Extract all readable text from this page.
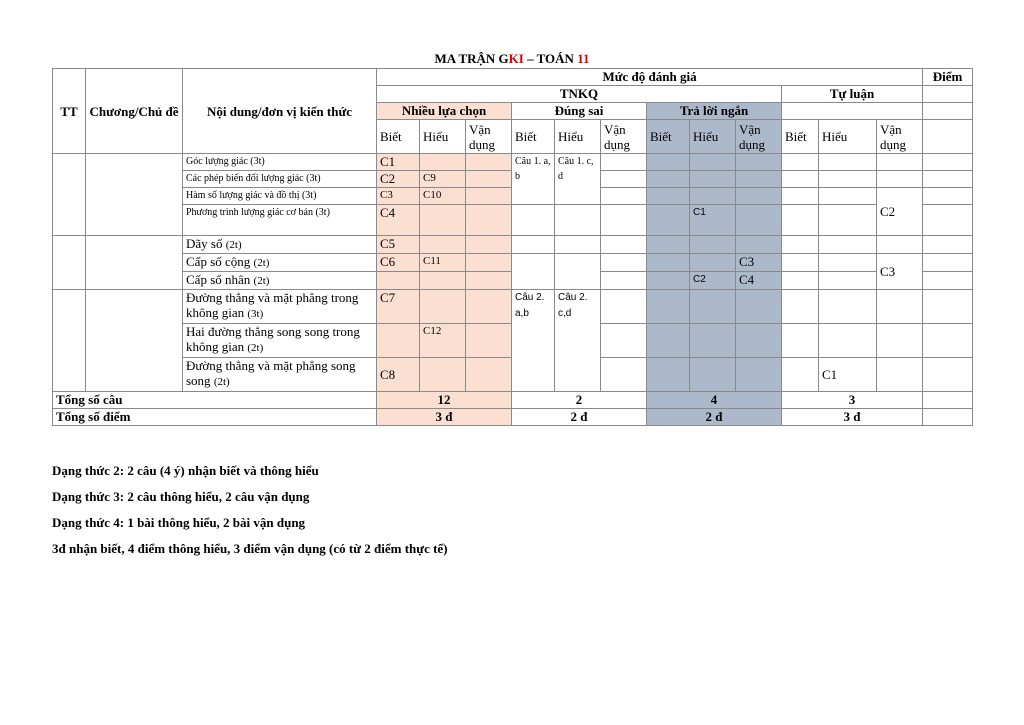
MA TRẬN GKI – TOÁN 11
TT	Chương/Chủ đề	Nội dung/đơn vị kiến thức	Mức độ đánh giá												Điểm
			TNKQ									Tự luận			
			Nhiều lựa chọn			Đúng sai			Trả lời ngắn						
			Biết	Hiểu	Vận dụng	Biết	Hiểu	Vận dụng	Biết	Hiểu	Vận dụng	Biết	Hiểu	Vận dụng	
		Góc lượng giác (3t)	C1			Câu 1. a, b	Câu 1. c, d								
		Các phép biến đổi lượng giác (3t)	C2	C9											
		Hàm số lượng giác và đồ thị (3t)	C3	C10										C2	
		Phương trình lượng giác cơ bản (3t)	C4							C1					
		Dãy số (2t)	C5												
		Cấp số cộng (2t)	C6	C11							C3			C3	
		Cấp số nhân (2t)								C2	C4				
		Đường thẳng và mặt phẳng trong không gian (3t)	C7			Câu 2. a,b	Câu 2. c,d								
		Hai đường thẳng song song trong không gian (2t)		C12											
		Đường thẳng và mặt phẳng song song (2t)	C8										C1		
Tổng số câu			12			2			4			3			
Tổng số điểm			3 đ			2 đ			2 đ			3 đ			
Dạng thức 2: 2 câu (4 ý) nhận biết và thông hiểu
Dạng thức 3: 2 câu thông hiểu, 2 câu vận dụng
Dạng thức 4: 1 bài thông hiểu, 2 bài vận dụng
3đ nhận biết, 4 điểm thông hiểu, 3 điểm vận dụng (có từ 2 điểm thực tế)
